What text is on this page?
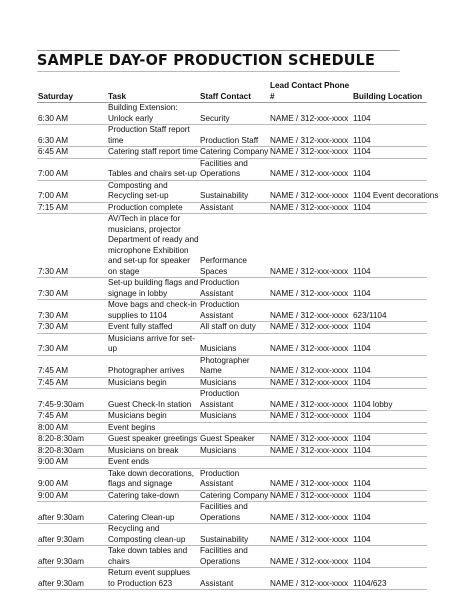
SAMPLE DAY-OF PRODUCTION SCHEDULE
Saturday	Task	Staff Contact	Lead Contact Phone #	Building Location
6:30 AM	Building Extension: Unlock early	Security	NAME / 312-xxx-xxxx	1104
6:30 AM	Production Staff report time	Production Staff	NAME / 312-xxx-xxxx	1104
6:45 AM	Catering staff report time	Catering Company	NAME / 312-xxx-xxxx	1104
7:00 AM	Tables and chairs set-up	Facilities and Operations	NAME / 312-xxx-xxxx	1104
7:00 AM	Composting and Recycling set-up	Sustainability	NAME / 312-xxx-xxxx	1104 Event decorations
7:15 AM	Production complete	Assistant	NAME / 312-xxx-xxxx	1104
7:30 AM	AV/Tech in place for musicians, projector Department of ready and microphone Exhibition and set-up for speaker on stage	Performance Spaces	NAME / 312-xxx-xxxx	1104
7:30 AM	Set-up building flags and signage in lobby	Production Assistant	NAME / 312-xxx-xxxx	1104
7:30 AM	Move bags and check-in supplies to 1104	Production Assistant	NAME / 312-xxx-xxxx	623/1104
7:30 AM	Event fully staffed	All staff on duty	NAME / 312-xxx-xxxx	1104
7:30 AM	Musicians arrive for set-up	Musicians	NAME / 312-xxx-xxxx	1104
7:45 AM	Photographer arrives	Photographer Name	NAME / 312-xxx-xxxx	1104
7:45 AM	Musicians begin	Musicians	NAME / 312-xxx-xxxx	1104
7:45-9:30am	Guest Check-In station	Production Assistant	NAME / 312-xxx-xxxx	1104 lobby
7:45 AM	Musicians begin	Musicians	NAME / 312-xxx-xxxx	1104
8:00 AM	Event begins			
8:20-8:30am	Guest speaker greetings	Guest Speaker	NAME / 312-xxx-xxxx	1104
8:20-8:30am	Musicians on break	Musicians	NAME / 312-xxx-xxxx	1104
9:00 AM	Event ends			
9:00 AM	Take down decorations, flags and signage	Production Assistant	NAME / 312-xxx-xxxx	1104
9:00 AM	Catering take-down	Catering Company	NAME / 312-xxx-xxxx	1104
after 9:30am	Catering Clean-up	Facilities and Operations	NAME / 312-xxx-xxxx	1104
after 9:30am	Recycling and Composting clean-up	Sustainability	NAME / 312-xxx-xxxx	1104
after 9:30am	Take down tables and chairs	Facilities and Operations	NAME / 312-xxx-xxxx	1104
after 9:30am	Return event supplues to Production 623	Assistant	NAME / 312-xxx-xxxx	1104/623
